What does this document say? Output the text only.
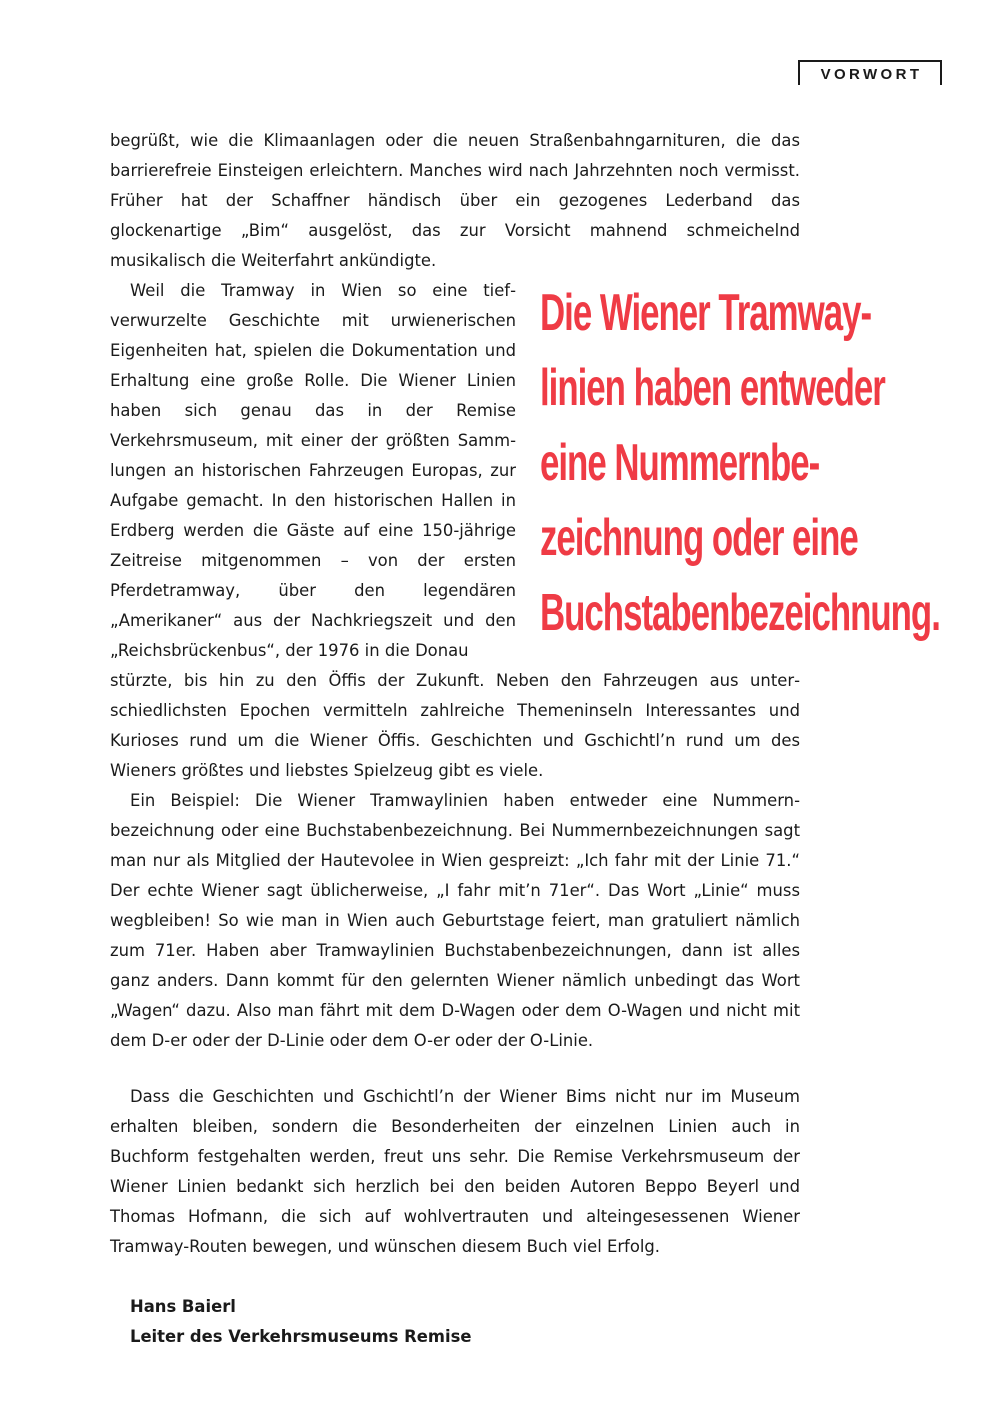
VORWORT

begrüßt, wie die Klimaanlagen oder die neuen Straßenbahngarnituren, die das barrierefreie Einsteigen erleichtern. Manches wird nach Jahrzehnten noch vermisst. Früher hat der Schaffner händisch über ein gezogenes Lederband das glockenartige „Bim“ ausgelöst, das zur Vorsicht mahnend schmeichelnd musikalisch die Weiterfahrt ankündigte.

Weil die Tramway in Wien so eine tiefverwurzelte Geschichte mit urwienerischen Eigenheiten hat, spielen die Dokumentation und Erhaltung eine große Rolle. Die Wiener Linien haben sich genau das in der Remise Verkehrsmuseum, mit einer der größten Sammlungen an historischen Fahrzeugen Europas, zur Aufgabe gemacht. In den historischen Hallen in Erdberg werden die Gäste auf eine 150-jährige Zeitreise mitgenommen – von der ersten Pferdetramway, über den legendären „Amerikaner“ aus der Nachkriegszeit und den „Reichsbrückenbus“, der 1976 in die Donau

Die Wiener Tramway-
linien haben entweder
eine Nummernbe-
zeichnung oder eine
Buchstabenbezeichnung.

stürzte, bis hin zu den Öffis der Zukunft. Neben den Fahrzeugen aus unterschiedlichsten Epochen vermitteln zahlreiche Themeninseln Interessantes und Kurioses rund um die Wiener Öffis. Geschichten und Gschichtl’n rund um des Wieners größtes und liebstes Spielzeug gibt es viele.

Ein Beispiel: Die Wiener Tramwaylinien haben entweder eine Nummernbezeichnung oder eine Buchstabenbezeichnung. Bei Nummernbezeichnungen sagt man nur als Mitglied der Hautevolee in Wien gespreizt: „Ich fahr mit der Linie 71.“ Der echte Wiener sagt üblicherweise, „I fahr mit’n 71er“. Das Wort „Linie“ muss wegbleiben! So wie man in Wien auch Geburtstage feiert, man gratuliert nämlich zum 71er. Haben aber Tramwaylinien Buchstabenbezeichnungen, dann ist alles ganz anders. Dann kommt für den gelernten Wiener nämlich unbedingt das Wort „Wagen“ dazu. Also man fährt mit dem D-Wagen oder dem O-Wagen und nicht mit dem D-er oder der D-Linie oder dem O-er oder der O-Linie.

Dass die Geschichten und Gschichtl’n der Wiener Bims nicht nur im Museum erhalten bleiben, sondern die Besonderheiten der einzelnen Linien auch in Buchform festgehalten werden, freut uns sehr. Die Remise Verkehrsmuseum der Wiener Linien bedankt sich herzlich bei den beiden Autoren Beppo Beyerl und Thomas Hofmann, die sich auf wohlvertrauten und alteingesessenen Wiener Tramway-Routen bewegen, und wünschen diesem Buch viel Erfolg.

Hans Baierl
Leiter des Verkehrsmuseums Remise
